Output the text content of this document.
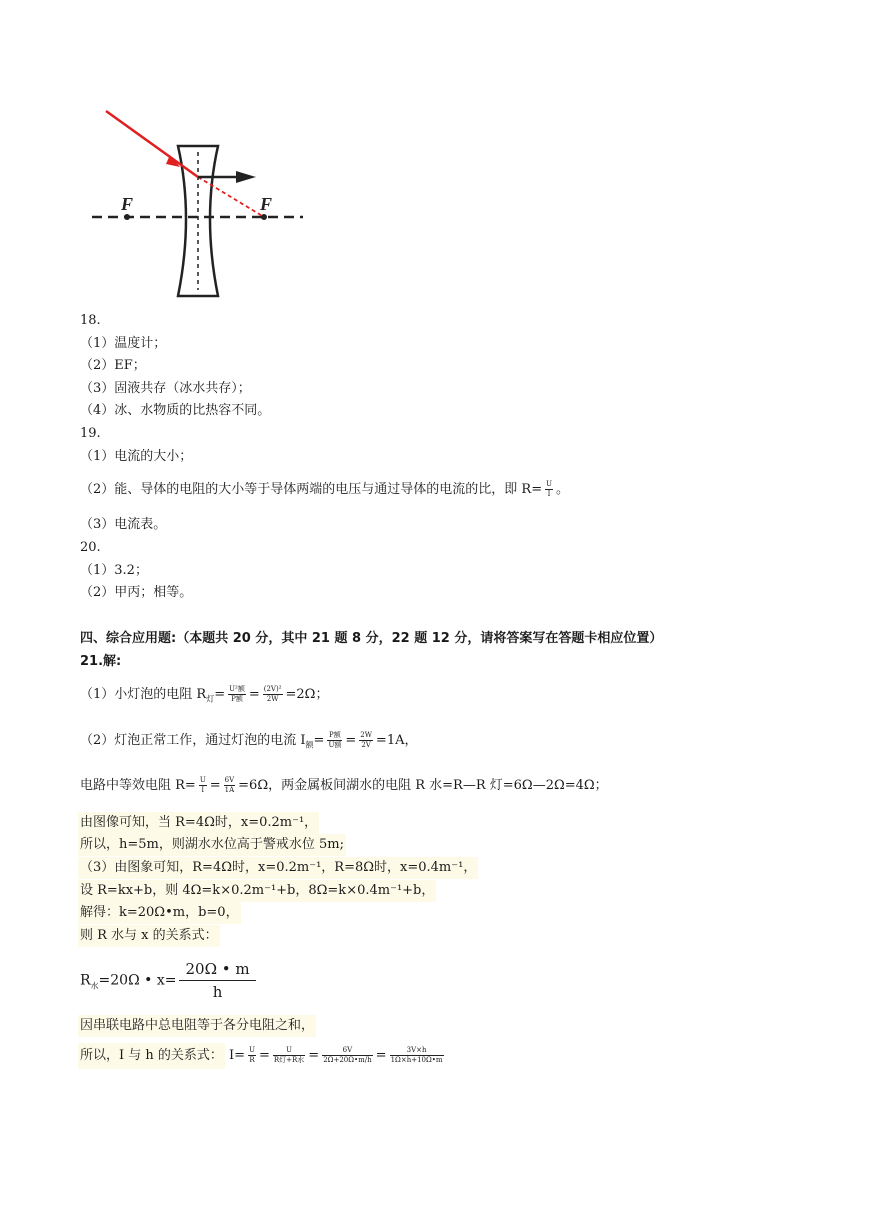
F	F
18.
（1）温度计；
（2）EF；
（3）固液共存（冰水共存）；
（4）冰、水物质的比热容不同。
19.
（1）电流的大小；
（2）能、导体的电阻的大小等于导体两端的电压与通过导体的电流的比，即 $R= \frac{U}{I}$ 。
（3）电流表。
20.
（1）3.2；
（2）甲丙；相等。
四、综合应用题:（本题共 20 分，其中 21 题 8 分，22 题 12 分，请将答案写在答题卡相应位置）
21.解:
（1）小灯泡的电阻 $R_灯= \frac{\text{U²额}}{\text{P额}} = \frac{\text{(2V)²}}{2W} =2\Omega$；
（2）灯泡正常工作，通过灯泡的电流 $I_额= \frac{\text{P额}}{\text{U额}} = \frac{2W}{2V} =1A$，
电路中等效电阻 $R= \frac{U}{I} = \frac{6V}{1A} =6\Omega$，两金属板间湖水的电阻 R 水=R—R 灯=6Ω—2Ω=4Ω；
由图像可知，当 R=4Ω时，x=0.2m⁻¹，
所以，h=5m，则湖水水位高于警戒水位 5m;
（3）由图象可知，R=4Ω时，x=0.2m⁻¹，R=8Ω时，x=0.4m⁻¹，
设 R=kx+b，则 4Ω=k×0.2m⁻¹+b，8Ω=k×0.4m⁻¹+b，
解得：k=20Ω•m，b=0，
则 R 水与 x 的关系式：
$R_水=20\Omega$ • $x= \frac{20\Omega • m}{h}$
因串联电路中总电阻等于各分电阻之和，
所以，I 与 h 的关系式： $I= \frac{U}{R} = \frac{U}{\text{R灯+R水}} = \frac{6V}{2\Omega+20\Omega•m/h} = \frac{3V\times h}{1\Omega\times h+10\Omega•m}$
